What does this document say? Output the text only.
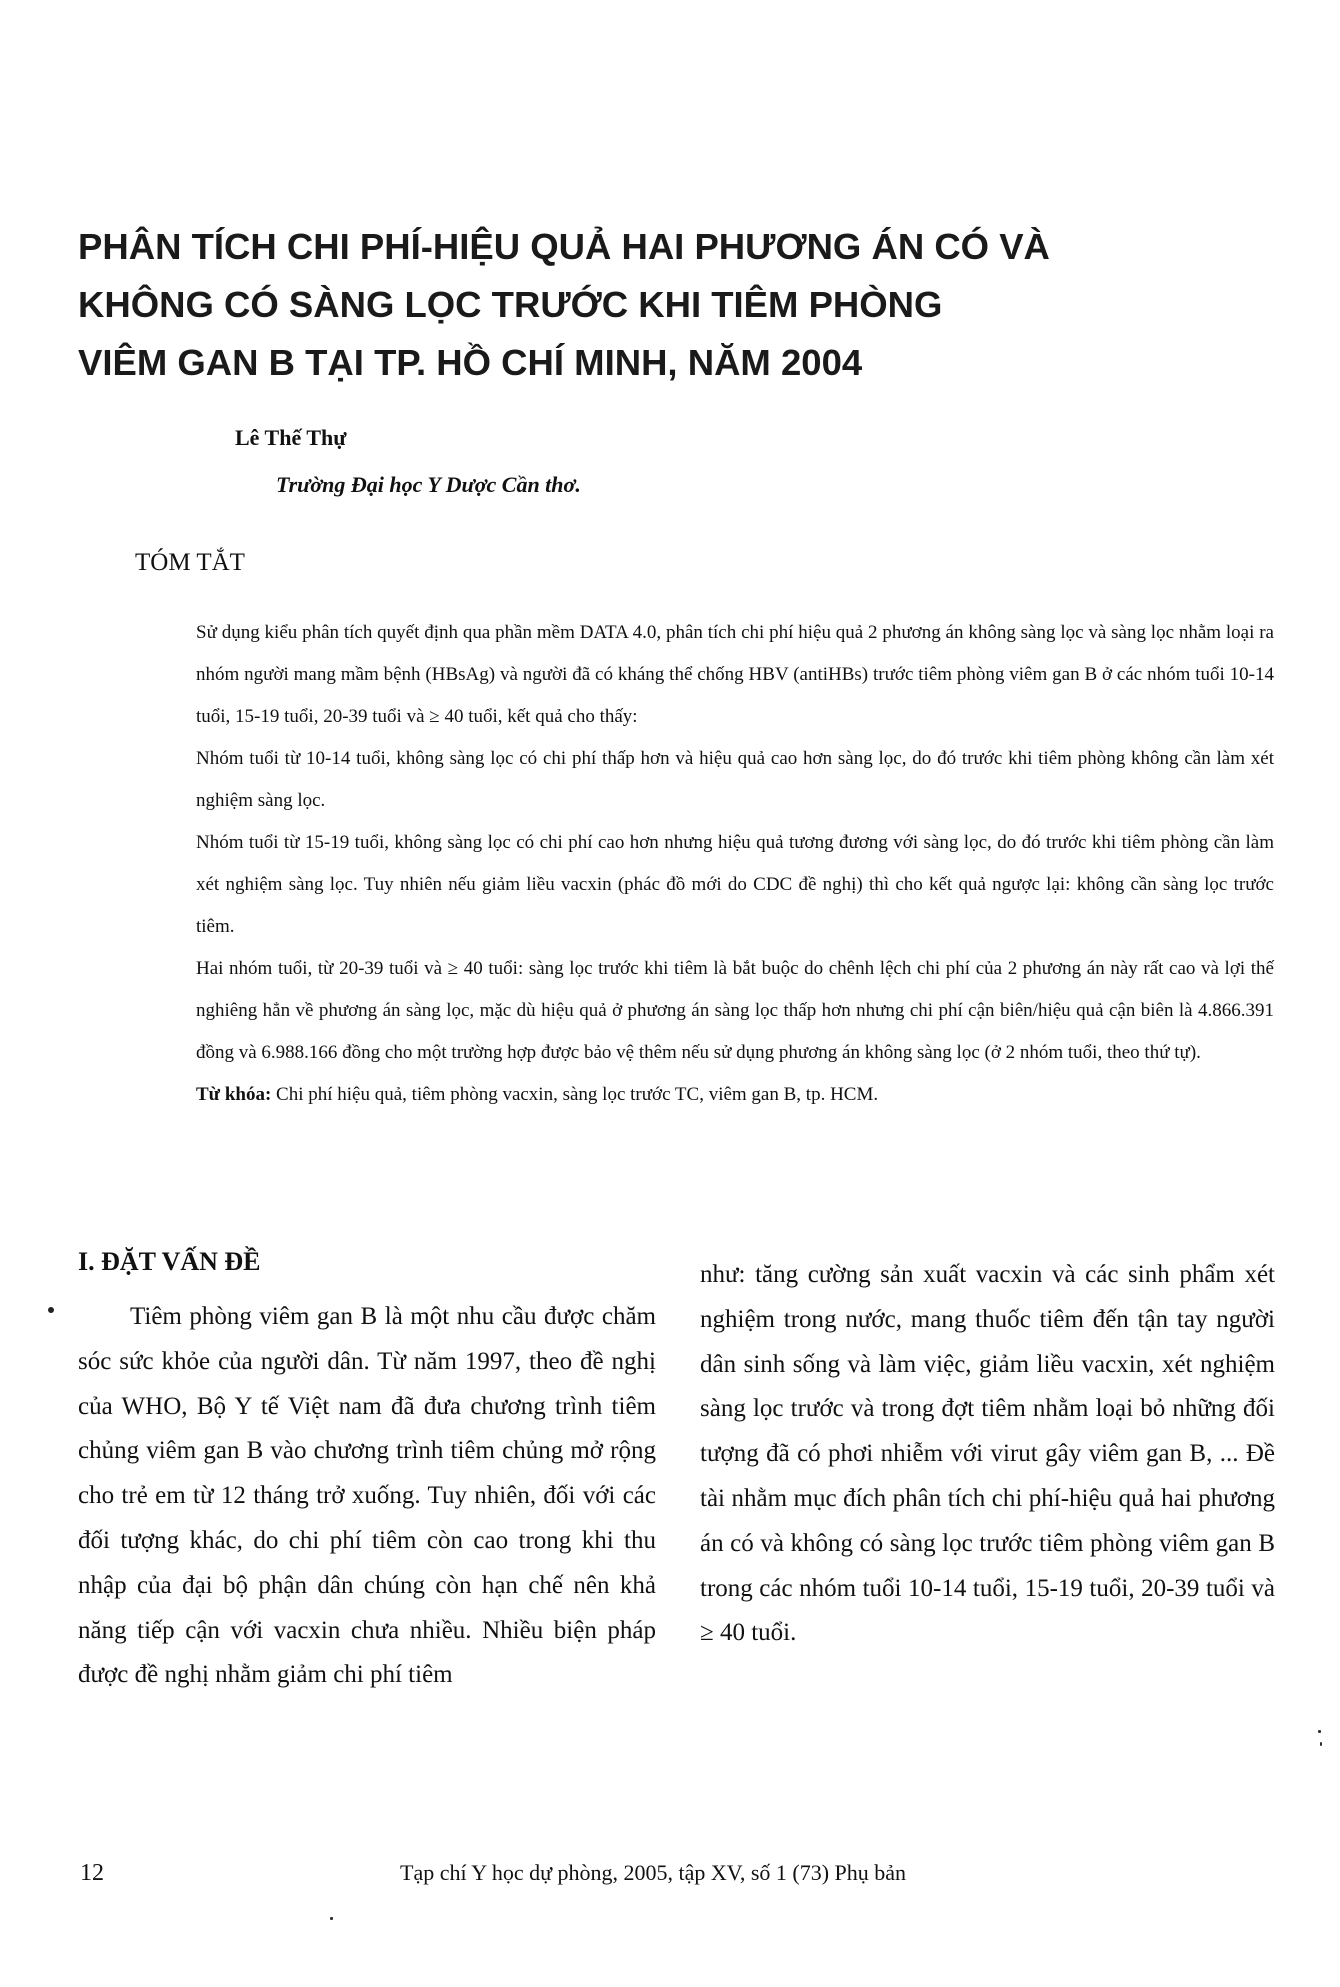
PHÂN TÍCH CHI PHÍ-HIỆU QUẢ HAI PHƯƠNG ÁN CÓ VÀ
KHÔNG CÓ SÀNG LỌC TRƯỚC KHI TIÊM PHÒNG
VIÊM GAN B TẠI TP. HỒ CHÍ MINH, NĂM 2004
Lê Thế Thự
Trường Đại học Y Dược Cần thơ.
TÓM TẮT

Sử dụng kiểu phân tích quyết định qua phần mềm DATA 4.0, phân tích chi phí hiệu quả 2 phương án không sàng lọc và sàng lọc nhằm loại ra nhóm người mang mầm bệnh (HBsAg) và người đã có kháng thể chống HBV (antiHBs) trước tiêm phòng viêm gan B ở các nhóm tuổi 10-14 tuổi, 15-19 tuổi, 20-39 tuổi và ≥ 40 tuổi, kết quả cho thấy:

Nhóm tuổi từ 10-14 tuổi, không sàng lọc có chi phí thấp hơn và hiệu quả cao hơn sàng lọc, do đó trước khi tiêm phòng không cần làm xét nghiệm sàng lọc.

Nhóm tuổi từ 15-19 tuổi, không sàng lọc có chi phí cao hơn nhưng hiệu quả tương đương với sàng lọc, do đó trước khi tiêm phòng cần làm xét nghiệm sàng lọc. Tuy nhiên nếu giảm liều vacxin (phác đồ mới do CDC đề nghị) thì cho kết quả ngược lại: không cần sàng lọc trước tiêm.

Hai nhóm tuổi, từ 20-39 tuổi và ≥ 40 tuổi: sàng lọc trước khi tiêm là bắt buộc do chênh lệch chi phí của 2 phương án này rất cao và lợi thế nghiêng hẳn về phương án sàng lọc, mặc dù hiệu quả ở phương án sàng lọc thấp hơn nhưng chi phí cận biên/hiệu quả cận biên là 4.866.391 đồng và 6.988.166 đồng cho một trường hợp được bảo vệ thêm nếu sử dụng phương án không sàng lọc (ở 2 nhóm tuổi, theo thứ tự).

Từ khóa: Chi phí hiệu quả, tiêm phòng vacxin, sàng lọc trước TC, viêm gan B, tp. HCM.

I. ĐẶT VẤN ĐỀ

Tiêm phòng viêm gan B là một nhu cầu được chăm sóc sức khỏe của người dân. Từ năm 1997, theo đề nghị của WHO, Bộ Y tế Việt nam đã đưa chương trình tiêm chủng viêm gan B vào chương trình tiêm chủng mở rộng cho trẻ em từ 12 tháng trở xuống. Tuy nhiên, đối với các đối tượng khác, do chi phí tiêm còn cao trong khi thu nhập của đại bộ phận dân chúng còn hạn chế nên khả năng tiếp cận với vacxin chưa nhiều. Nhiều biện pháp được đề nghị nhằm giảm chi phí tiêm

như: tăng cường sản xuất vacxin và các sinh phẩm xét nghiệm trong nước, mang thuốc tiêm đến tận tay người dân sinh sống và làm việc, giảm liều vacxin, xét nghiệm sàng lọc trước và trong đợt tiêm nhằm loại bỏ những đối tượng đã có phơi nhiễm với virut gây viêm gan B, ... Đề tài nhằm mục đích phân tích chi phí-hiệu quả hai phương án có và không có sàng lọc trước tiêm phòng viêm gan B trong các nhóm tuổi 10-14 tuổi, 15-19 tuổi, 20-39 tuổi và ≥ 40 tuổi.

12	Tạp chí Y học dự phòng, 2005, tập XV, số 1 (73) Phụ bản
